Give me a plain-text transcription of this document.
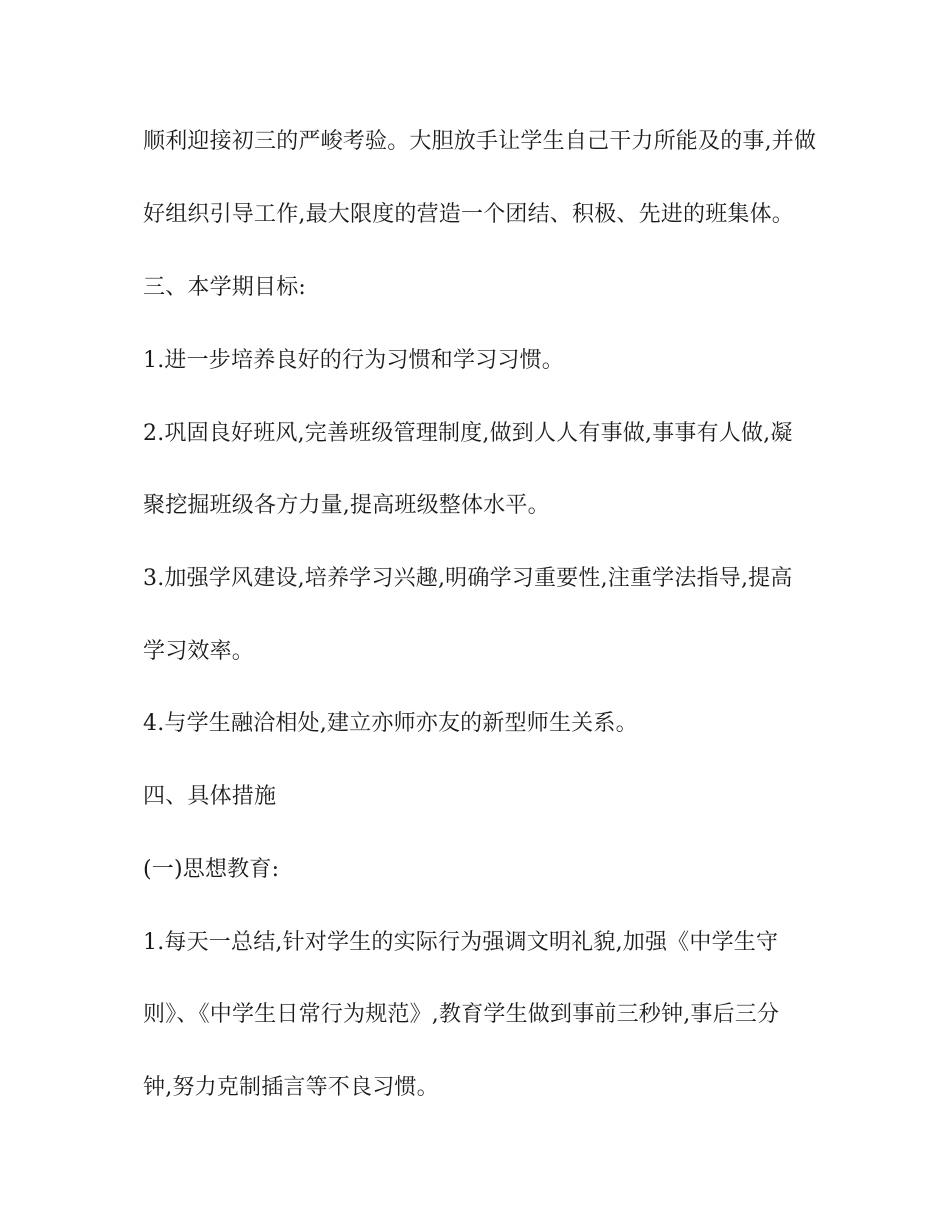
顺利迎接初三的严峻考验。大胆放手让学生自己干力所能及的事,并做
好组织引导工作,最大限度的营造一个团结、积极、先进的班集体。
三、本学期目标:
1.进一步培养良好的行为习惯和学习习惯。
2.巩固良好班风,完善班级管理制度,做到人人有事做,事事有人做,凝
聚挖掘班级各方力量,提高班级整体水平。
3.加强学风建设,培养学习兴趣,明确学习重要性,注重学法指导,提高
学习效率。
4.与学生融洽相处,建立亦师亦友的新型师生关系。
四、具体措施
(一)思想教育:
1.每天一总结,针对学生的实际行为强调文明礼貌,加强《中学生守
则》、《中学生日常行为规范》,教育学生做到事前三秒钟,事后三分
钟,努力克制插言等不良习惯。
